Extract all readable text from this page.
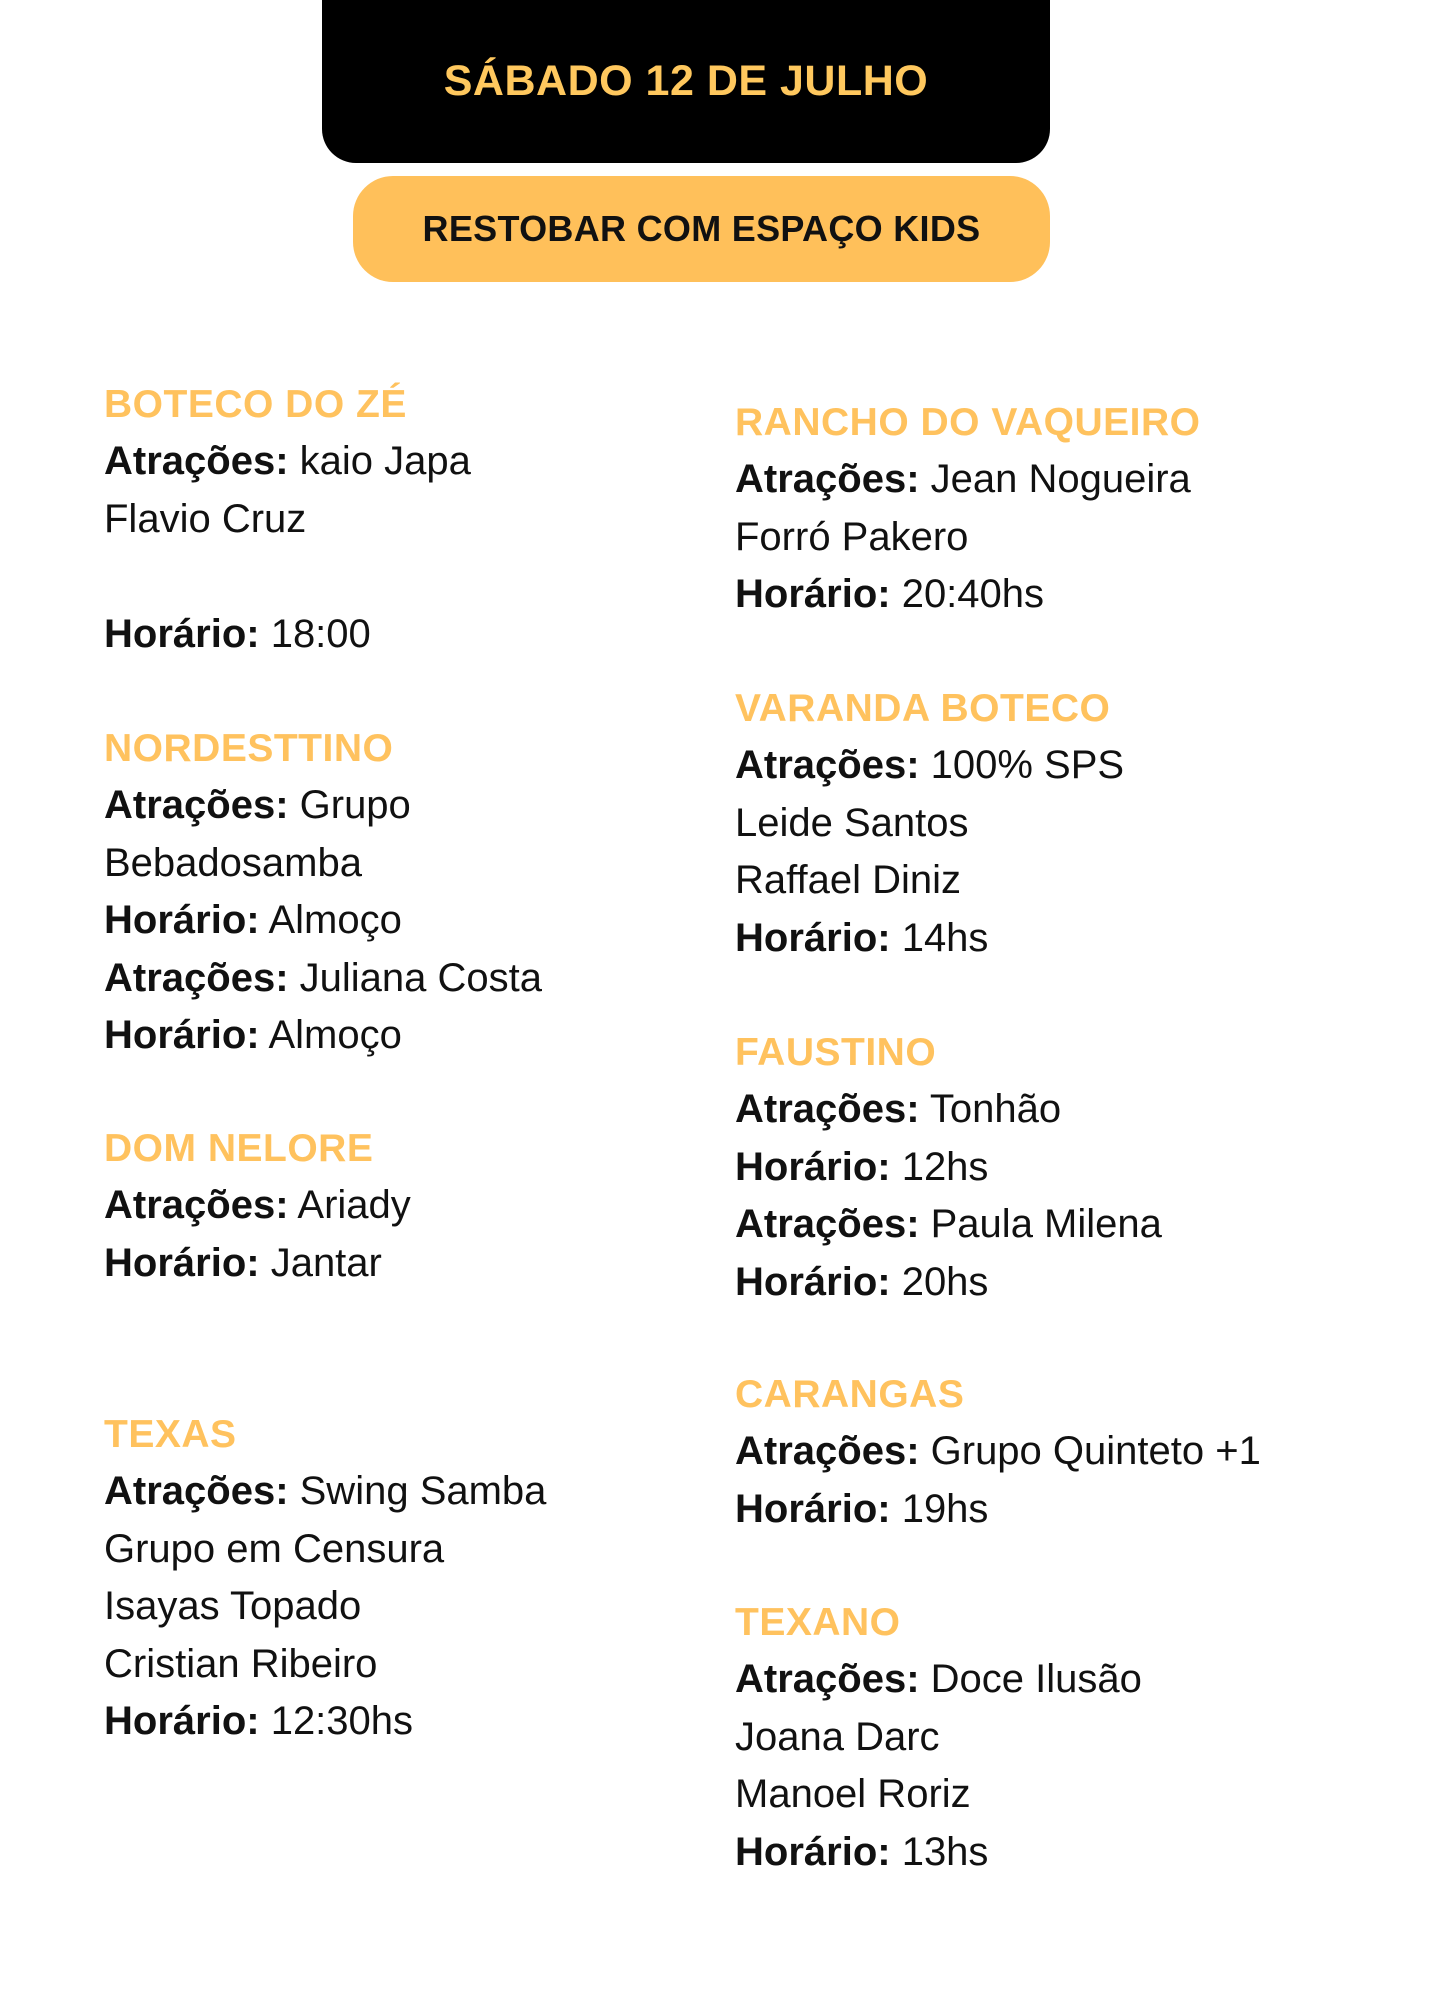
SÁBADO 12 DE JULHO
RESTOBAR COM ESPAÇO KIDS
BOTECO DO ZÉ
Atrações: kaio Japa
Flavio Cruz
Horário: 18:00
NORDESTTINO
Atrações: Grupo
Bebadosamba
Horário: Almoço
Atrações: Juliana Costa
Horário: Almoço
DOM NELORE
Atrações: Ariady
Horário: Jantar
TEXAS
Atrações: Swing Samba
Grupo em Censura
Isayas Topado
Cristian Ribeiro
Horário: 12:30hs
RANCHO DO VAQUEIRO
Atrações: Jean Nogueira
Forró Pakero
Horário: 20:40hs
VARANDA BOTECO
Atrações: 100% SPS
Leide Santos
Raffael Diniz
Horário: 14hs
FAUSTINO
Atrações: Tonhão
Horário: 12hs
Atrações: Paula Milena
Horário: 20hs
CARANGAS
Atrações: Grupo Quinteto +1
Horário: 19hs
TEXANO
Atrações: Doce Ilusão
Joana Darc
Manoel Roriz
Horário: 13hs
